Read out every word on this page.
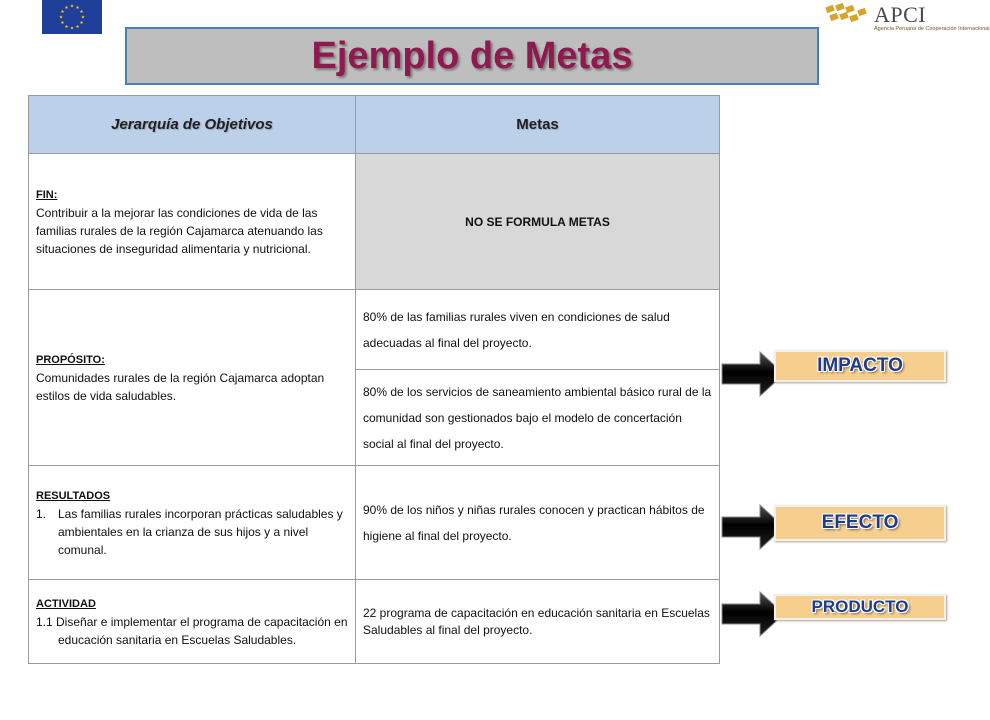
APCI
Agencia Peruana de Cooperación Internacional
Ejemplo de Metas
Jerarquía de Objetivos	Metas

FIN:
Contribuir a la mejorar las condiciones de vida de las familias rurales de la región Cajamarca atenuando las situaciones de inseguridad alimentaria y nutricional.	NO SE FORMULA METAS

PROPÓSITO:
Comunidades rurales de la región Cajamarca adoptan estilos de vida saludables.	80% de las familias rurales viven en condiciones de salud adecuadas al final del proyecto.
	80% de los servicios de saneamiento ambiental básico rural de la comunidad son gestionados bajo el modelo de concertación social al final del proyecto.

RESULTADOS
1. Las familias rurales incorporan prácticas saludables y ambientales en la crianza de sus hijos y a nivel comunal.	90% de los niños y niñas rurales conocen y practican hábitos de higiene al final del proyecto.

ACTIVIDAD
1.1 Diseñar e implementar el programa de capacitación en educación sanitaria en Escuelas Saludables.	22 programa de capacitación en educación sanitaria en Escuelas Saludables al final del proyecto.
IMPACTO
EFECTO
PRODUCTO
